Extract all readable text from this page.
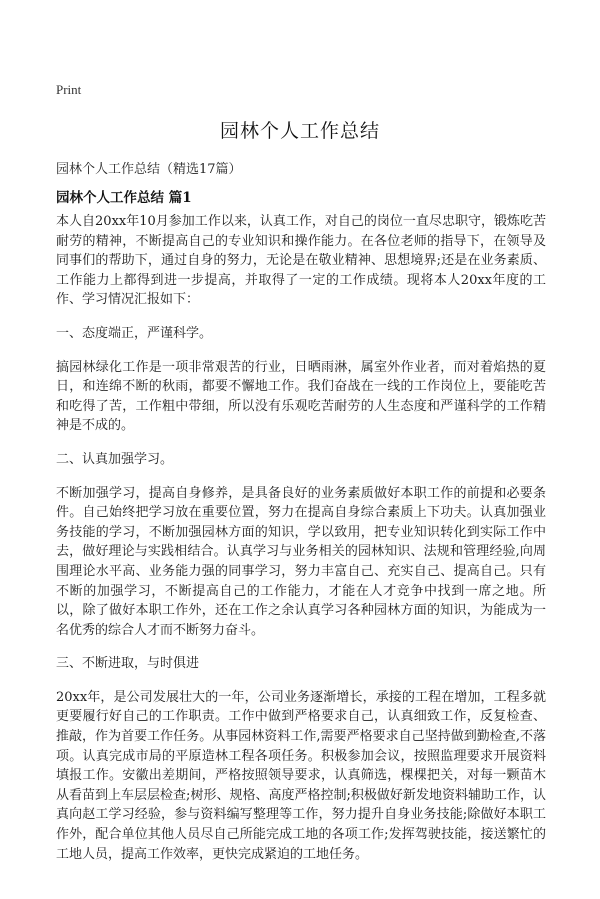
Print
园林个人工作总结
园林个人工作总结（精选17篇）
园林个人工作总结 篇1

本人自20xx年10月参加工作以来，认真工作，对自己的岗位一直尽忠职守，锻炼吃苦耐劳的精神，不断提高自己的专业知识和操作能力。在各位老师的指导下，在领导及同事们的帮助下，通过自身的努力，无论是在敬业精神、思想境界;还是在业务素质、工作能力上都得到进一步提高，并取得了一定的工作成绩。现将本人20xx年度的工作、学习情况汇报如下：

一、态度端正，严谨科学。

搞园林绿化工作是一项非常艰苦的行业，日晒雨淋，属室外作业者，而对着焰热的夏日，和连绵不断的秋雨，都要不懈地工作。我们奋战在一线的工作岗位上，要能吃苦和吃得了苦，工作粗中带细，所以没有乐观吃苦耐劳的人生态度和严谨科学的工作精神是不成的。

二、认真加强学习。

不断加强学习，提高自身修养，是具备良好的业务素质做好本职工作的前提和必要条件。自己始终把学习放在重要位置，努力在提高自身综合素质上下功夫。认真加强业务技能的学习，不断加强园林方面的知识，学以致用，把专业知识转化到实际工作中去，做好理论与实践相结合。认真学习与业务相关的园林知识、法规和管理经验,向周围理论水平高、业务能力强的同事学习，努力丰富自己、充实自己、提高自己。只有不断的加强学习，不断提高自己的工作能力，才能在人才竞争中找到一席之地。所以，除了做好本职工作外，还在工作之余认真学习各种园林方面的知识，为能成为一名优秀的综合人才而不断努力奋斗。

三、不断进取，与时俱进

20xx年，是公司发展壮大的一年，公司业务逐渐增长，承接的工程在增加，工程多就更要履行好自己的工作职责。工作中做到严格要求自己，认真细致工作，反复检查、推敲，作为首要工作任务。从事园林资料工作,需要严格要求自己坚持做到勤检查,不落项。认真完成市局的平原造林工程各项任务。积极参加会议，按照监理要求开展资料填报工作。安徽出差期间，严格按照领导要求，认真筛选，棵棵把关，对每一颗苗木从看苗到上车层层检查;树形、规格、高度严格控制;积极做好新发地资料辅助工作，认真向赵工学习经验，参与资料编写整理等工作，努力提升自身业务技能;除做好本职工作外，配合单位其他人员尽自己所能完成工地的各项工作;发挥驾驶技能，接送繁忙的工地人员，提高工作效率，更快完成紧迫的工地任务。
